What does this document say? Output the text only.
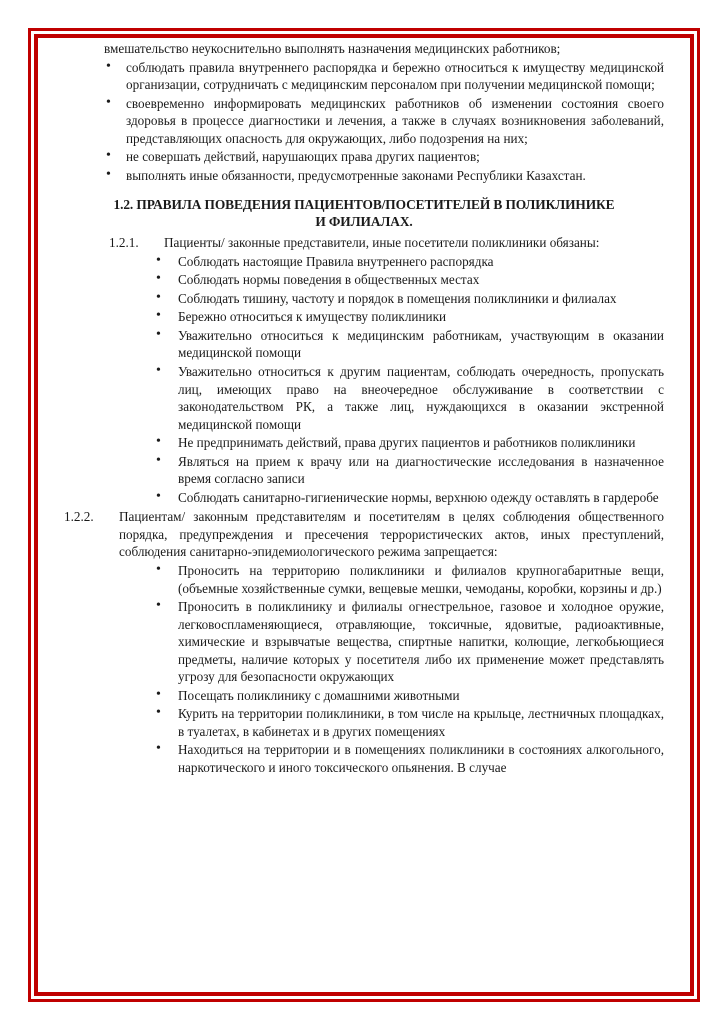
вмешательство неукоснительно выполнять назначения медицинских работников;

• соблюдать правила внутреннего распорядка и бережно относиться к имуществу медицинской организации, сотрудничать с медицинским персоналом при получении медицинской помощи;
• своевременно информировать медицинских работников об изменении состояния своего здоровья в процессе диагностики и лечения, а также в случаях возникновения заболеваний, представляющих опасность для окружающих, либо подозрения на них;
• не совершать действий, нарушающих права других пациентов;
• выполнять иные обязанности, предусмотренные законами Республики Казахстан.
1.2. ПРАВИЛА ПОВЕДЕНИЯ ПАЦИЕНТОВ/ПОСЕТИТЕЛЕЙ В ПОЛИКЛИНИКЕ
И ФИЛИАЛАХ.

1.2.1. Пациенты/ законные представители, иные посетители поликлиники обязаны:

• Соблюдать настоящие Правила внутреннего распорядка
• Соблюдать нормы поведения в общественных местах
• Соблюдать тишину, частоту и порядок в помещения поликлиники и филиалах
• Бережно относиться к имуществу поликлиники
• Уважительно относиться к медицинским работникам, участвующим в оказании медицинской помощи
• Уважительно относиться к другим пациентам, соблюдать очередность, пропускать лиц, имеющих право на внеочередное обслуживание в соответствии с законодательством РК, а также лиц, нуждающихся в оказании экстренной медицинской помощи
• Не предпринимать действий, права других пациентов и работников поликлиники
• Являться на прием к врачу или на диагностические исследования в назначенное время согласно записи
• Соблюдать санитарно-гигиенические нормы, верхнюю одежду оставлять в гардеробе

1.2.2.	Пациентам/ законным представителям и посетителям в целях соблюдения общественного порядка, предупреждения и пресечения террористических актов, иных преступлений, соблюдения санитарно-эпидемиологического режима запрещается:

• Проносить на территорию поликлиники и филиалов крупногабаритные вещи, (объемные хозяйственные сумки, вещевые мешки, чемоданы, коробки, корзины и др.)
• Проносить в поликлинику и филиалы огнестрельное, газовое и холодное оружие, легковоспламеняющиеся, отравляющие, токсичные, ядовитые, радиоактивные, химические и взрывчатые вещества, спиртные напитки, колющие, легкобьющиеся предметы, наличие которых у посетителя либо их применение может представлять угрозу для безопасности окружающих
• Посещать поликлинику с домашними животными
• Курить на территории поликлиники, в том числе на крыльце, лестничных площадках, в туалетах, в кабинетах и в других помещениях
• Находиться на территории и в помещениях поликлиники в состояниях алкогольного, наркотического и иного токсического опьянения. В случае
